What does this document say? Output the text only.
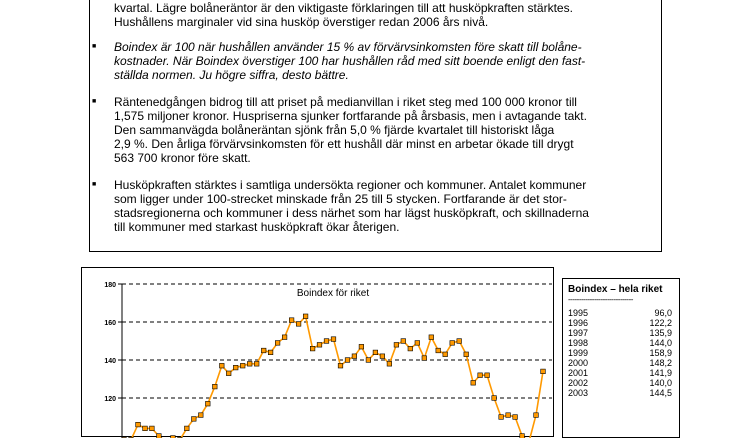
kvartal. Lägre bolåneräntor är den viktigaste förklaringen till att husköpkraften stärktes.
Hushållens marginaler vid sina husköp överstiger redan 2006 års nivå.
■ Boindex är 100 när hushållen använder 15 % av förvärvsinkomsten före skatt till bolåne-
kostnader. När Boindex överstiger 100 har hushållen råd med sitt boende enligt den fast-
ställda normen. Ju högre siffra, desto bättre.
■ Räntenedgången bidrog till att priset på medianvillan i riket steg med 100 000 kronor till
1,575 miljoner kronor. Huspriserna sjunker fortfarande på årsbasis, men i avtagande takt.
Den sammanvägda bolåneräntan sjönk från 5,0 % fjärde kvartalet till historiskt låga
2,9 %. Den årliga förvärvsinkomsten för ett hushåll där minst en arbetar ökade till drygt
563 700 kronor före skatt.
■ Husköpkraften stärktes i samtliga undersökta regioner och kommuner. Antalet kommuner
som ligger under 100-strecket minskade från 25 till 5 stycken. Fortfarande är det stor-
stadsregionerna och kommuner i dess närhet som har lägst husköpkraft, och skillnaderna
till kommuner med starkast husköpkraft ökar återigen.
120
140
160
180
Boindex för riket	Boindex – hela riket
------------------------------
1995	96,0
1996	122,2
1997	135,9
1998	144,0
1999	158,9
2000	148,2
2001	141,9
2002	140,0
2003	144,5
